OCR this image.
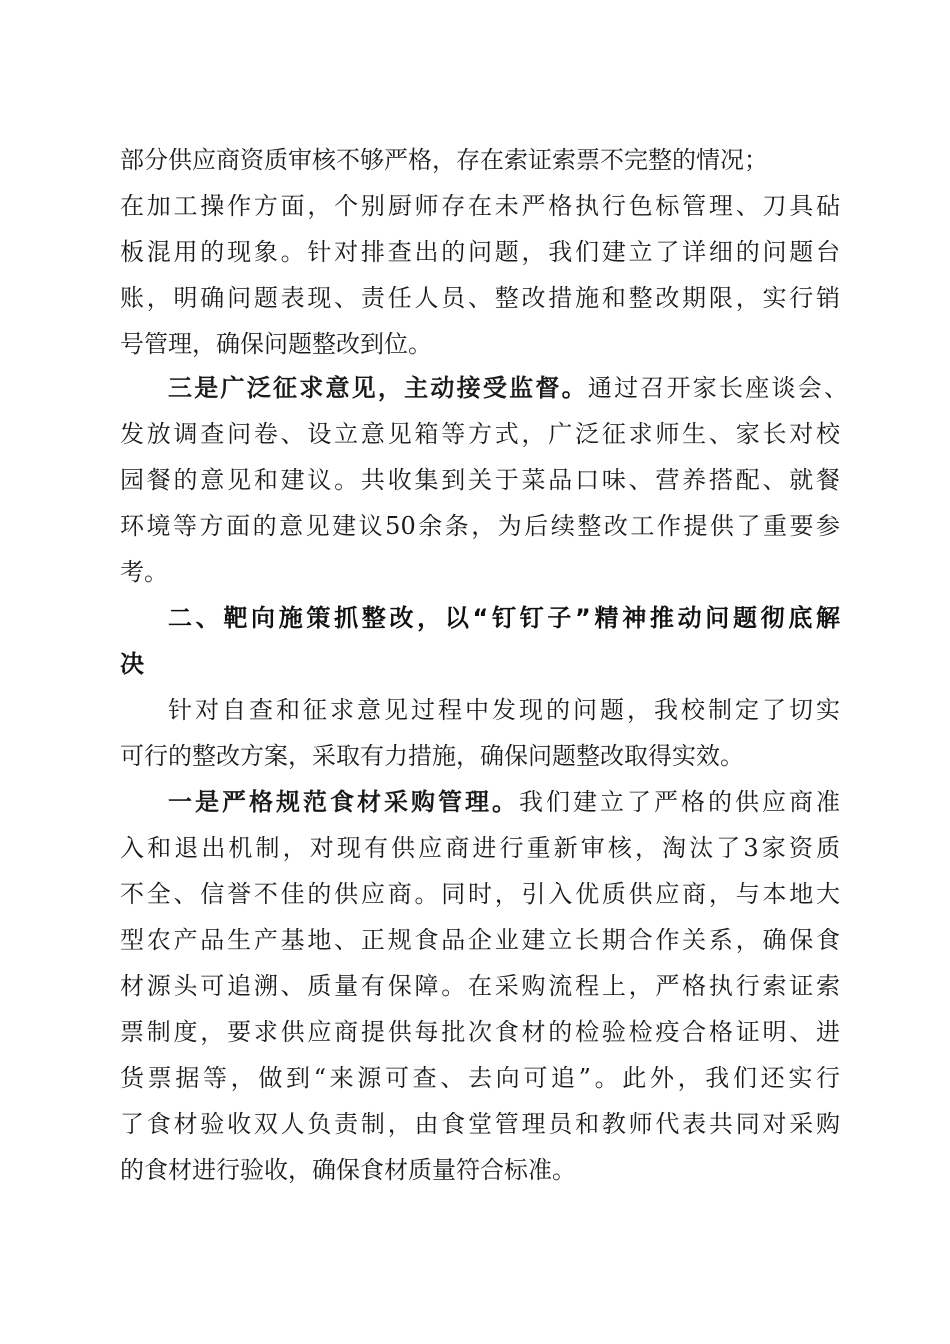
部分供应商资质审核不够严格，存在索证索票不完整的情况；
在加工操作方面，个别厨师存在未严格执行色标管理、刀具砧
板混用的现象。针对排查出的问题，我们建立了详细的问题台
账，明确问题表现、责任人员、整改措施和整改期限，实行销
号管理，确保问题整改到位。
三是广泛征求意见，主动接受监督。通过召开家长座谈会、
发放调查问卷、设立意见箱等方式，广泛征求师生、家长对校
园餐的意见和建议。共收集到关于菜品口味、营养搭配、就餐
环境等方面的意见建议50余条，为后续整改工作提供了重要参
考。
二、靶向施策抓整改，以“钉钉子”精神推动问题彻底解
决
针对自查和征求意见过程中发现的问题，我校制定了切实
可行的整改方案，采取有力措施，确保问题整改取得实效。
一是严格规范食材采购管理。我们建立了严格的供应商准
入和退出机制，对现有供应商进行重新审核，淘汰了3家资质
不全、信誉不佳的供应商。同时，引入优质供应商，与本地大
型农产品生产基地、正规食品企业建立长期合作关系，确保食
材源头可追溯、质量有保障。在采购流程上，严格执行索证索
票制度，要求供应商提供每批次食材的检验检疫合格证明、进
货票据等，做到“来源可查、去向可追”。此外，我们还实行
了食材验收双人负责制，由食堂管理员和教师代表共同对采购
的食材进行验收，确保食材质量符合标准。
